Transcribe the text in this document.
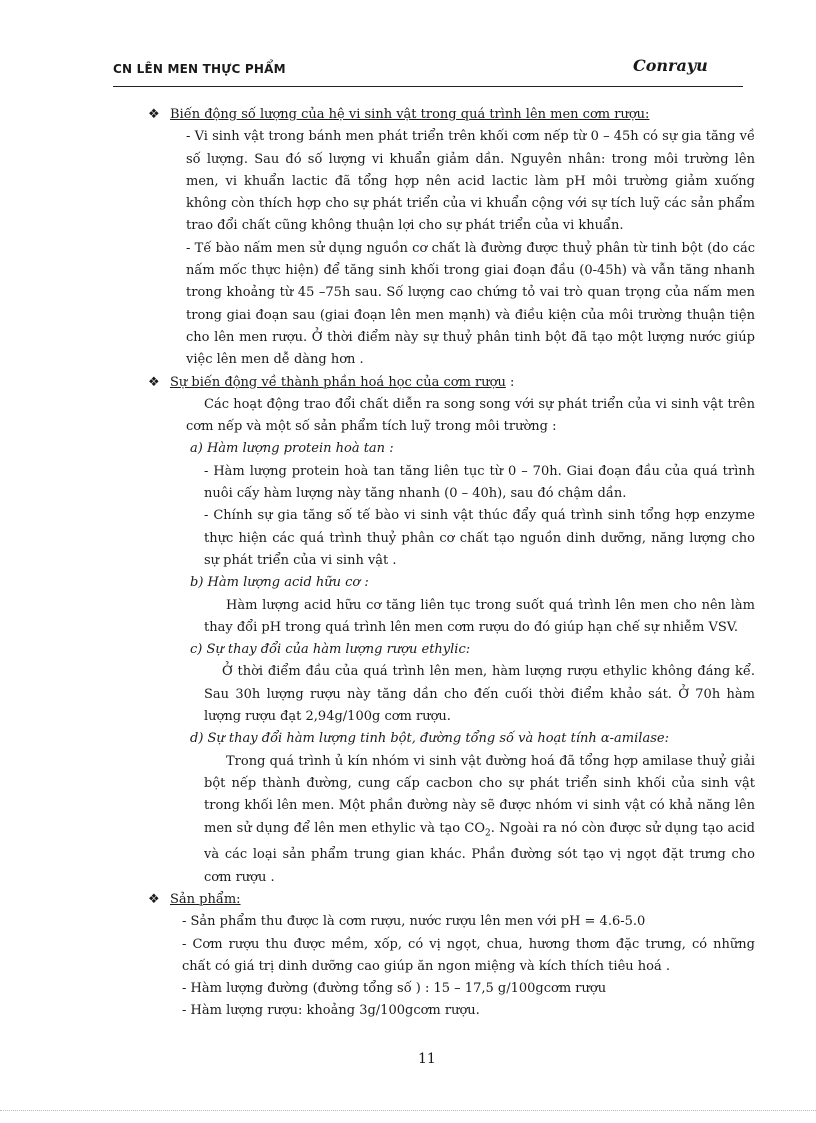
CN LÊN MEN THỰC PHẨM	Conrayu
❖ Biến động số lượng của hệ vi sinh vật trong quá trình lên men cơm rượu:

- Vi sinh vật trong bánh men phát triển trên khối cơm nếp từ 0 – 45h có sự gia tăng về số lượng. Sau đó số lượng vi khuẩn giảm dần. Nguyên nhân: trong môi trường lên men, vi khuẩn lactic đã tổng hợp nên acid lactic làm pH môi trường giảm xuống không còn thích hợp cho sự phát triển của vi khuẩn cộng với sự tích luỹ các sản phẩm trao đổi chất cũng không thuận lợi cho sự phát triển của vi khuẩn.

- Tế bào nấm men sử dụng nguồn cơ chất là đường được thuỷ phân từ tinh bột (do các nấm mốc thực hiện) để tăng sinh khối trong giai đoạn đầu (0-45h) và vẫn tăng nhanh trong khoảng từ 45 –75h sau. Số lượng cao chứng tỏ vai trò quan trọng của nấm men trong giai đoạn sau (giai đoạn lên men mạnh) và điều kiện của môi trường thuận tiện cho lên men rượu. Ở thời điểm này sự thuỷ phân tinh bột đã tạo một lượng nước giúp việc lên men dễ dàng hơn .

❖ Sự biến động về thành phần hoá học của cơm rượu :

Các hoạt động trao đổi chất diễn ra song song với sự phát triển của vi sinh vật trên cơm nếp và một số sản phẩm tích luỹ trong môi trường :

a) Hàm lượng protein hoà tan :

- Hàm lượng protein hoà tan tăng liên tục từ 0 – 70h. Giai đoạn đầu của quá trình nuôi cấy hàm lượng này tăng nhanh (0 – 40h), sau đó chậm dần.

- Chính sự gia tăng số tế bào vi sinh vật thúc đẩy quá trình sinh tổng hợp enzyme thực hiện các quá trình thuỷ phân cơ chất tạo nguồn dinh dưỡng, năng lượng cho sự phát triển của vi sinh vật .

b) Hàm lượng acid hữu cơ :

Hàm lượng acid hữu cơ tăng liên tục trong suốt quá trình lên men cho nên làm thay đổi pH trong quá trình lên men cơm rượu do đó giúp hạn chế sự nhiễm VSV.

c) Sự thay đổi của hàm lượng rượu ethylic:

Ở thời điểm đầu của quá trình lên men, hàm lượng rượu ethylic không đáng kể. Sau 30h lượng rượu này tăng dần cho đến cuối thời điểm khảo sát. Ở 70h hàm lượng rượu đạt 2,94g/100g cơm rượu.

d) Sự thay đổi hàm lượng tinh bột, đường tổng số và hoạt tính α-amilase:

Trong quá trình ủ kín nhóm vi sinh vật đường hoá đã tổng hợp amilase thuỷ giải bột nếp thành đường, cung cấp cacbon cho sự phát triển sinh khối của sinh vật trong khối lên men. Một phần đường này sẽ được nhóm vi sinh vật có khả năng lên men sử dụng để lên men ethylic và tạo $CO_2$. Ngoài ra nó còn được sử dụng tạo acid và các loại sản phẩm trung gian khác. Phần đường sót tạo vị ngọt đặt trưng cho cơm rượu .

❖ Sản phẩm:

- Sản phẩm thu được là cơm rượu, nước rượu lên men với pH = 4.6-5.0

- Cơm rượu thu được mềm, xốp, có vị ngọt, chua, hương thơm đặc trưng, có những chất có giá trị dinh dưỡng cao giúp ăn ngon miệng và kích thích tiêu hoá .

- Hàm lượng đường (đường tổng số ) : 15 – 17,5 g/100gcơm rượu

- Hàm lượng rượu: khoảng 3g/100gcơm rượu.

11
